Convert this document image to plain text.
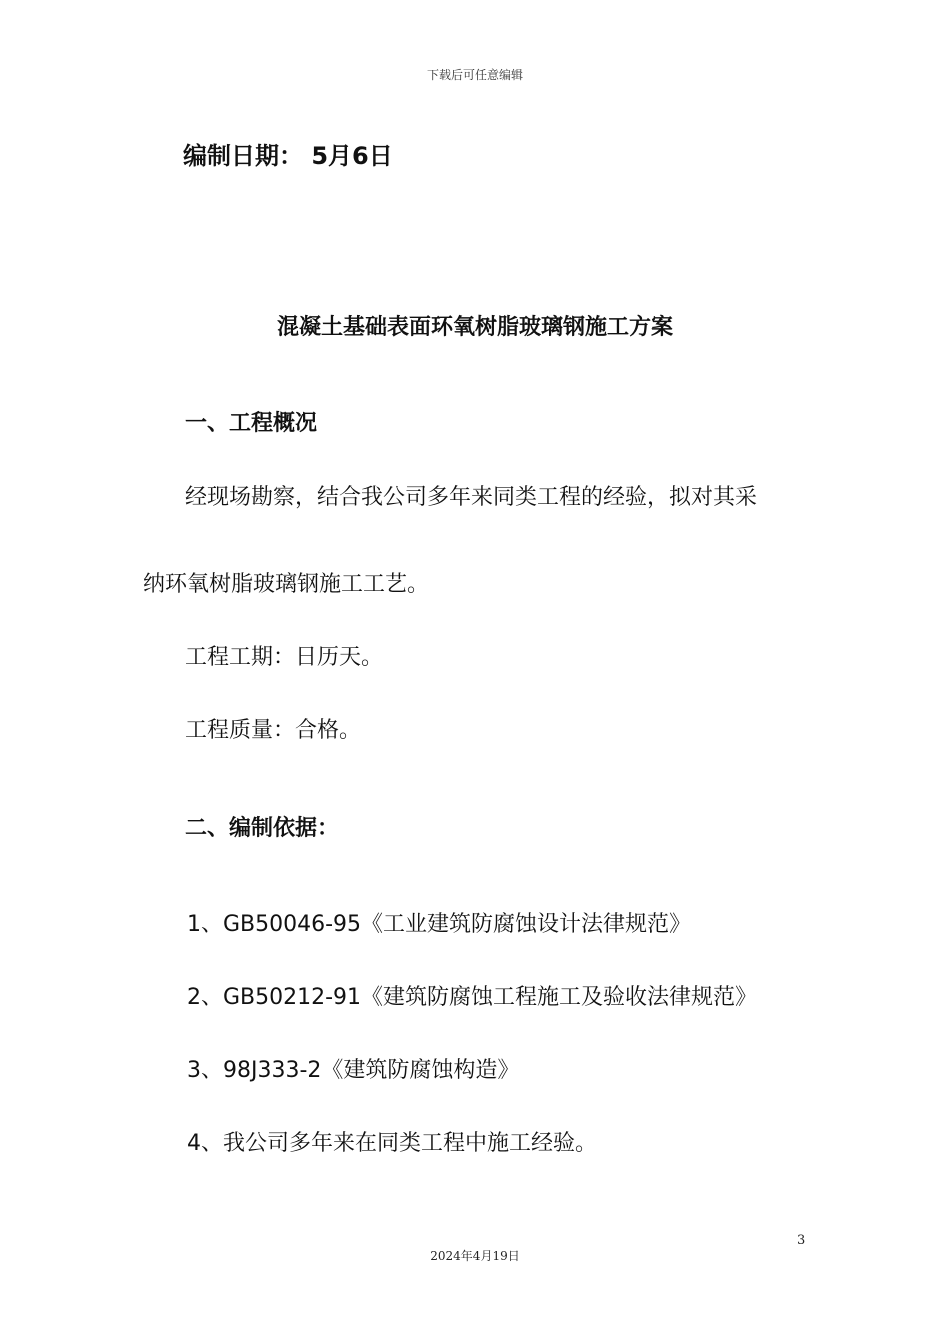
下载后可任意编辑
编制日期： 5月6日
混凝土基础表面环氧树脂玻璃钢施工方案
一、工程概况
经现场勘察，结合我公司多年来同类工程的经验，拟对其采
纳环氧树脂玻璃钢施工工艺。
工程工期：日历天。
工程质量：合格。
二、编制依据：
1、GB50046-95《工业建筑防腐蚀设计法律规范》
2、GB50212-91《建筑防腐蚀工程施工及验收法律规范》
3、98J333-2《建筑防腐蚀构造》
4、我公司多年来在同类工程中施工经验。
3
2024年4月19日
